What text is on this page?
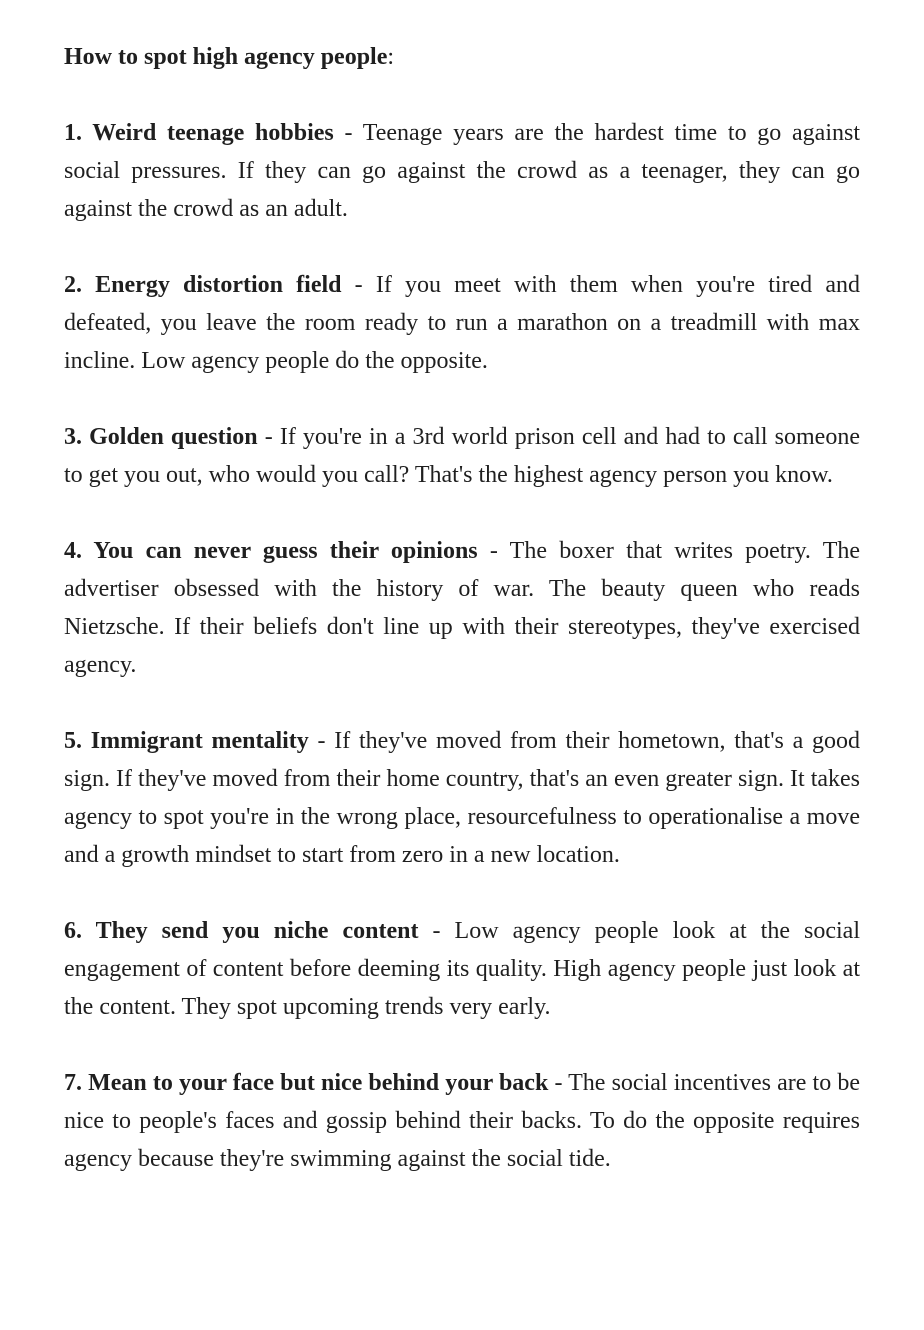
How to spot high agency people:

1. Weird teenage hobbies - Teenage years are the hardest time to go against social pressures. If they can go against the crowd as a teenager, they can go against the crowd as an adult.

2. Energy distortion field - If you meet with them when you're tired and defeated, you leave the room ready to run a marathon on a treadmill with max incline. Low agency people do the opposite.

3. Golden question - If you're in a 3rd world prison cell and had to call someone to get you out, who would you call? That's the highest agency person you know.

4. You can never guess their opinions - The boxer that writes poetry. The advertiser obsessed with the history of war. The beauty queen who reads Nietzsche. If their beliefs don't line up with their stereotypes, they've exercised agency.

5. Immigrant mentality - If they've moved from their hometown, that's a good sign. If they've moved from their home country, that's an even greater sign. It takes agency to spot you're in the wrong place, resourcefulness to operationalise a move and a growth mindset to start from zero in a new location.

6. They send you niche content - Low agency people look at the social engagement of content before deeming its quality. High agency people just look at the content. They spot upcoming trends very early.

7. Mean to your face but nice behind your back - The social incentives are to be nice to people's faces and gossip behind their backs. To do the opposite requires agency because they're swimming against the social tide.
